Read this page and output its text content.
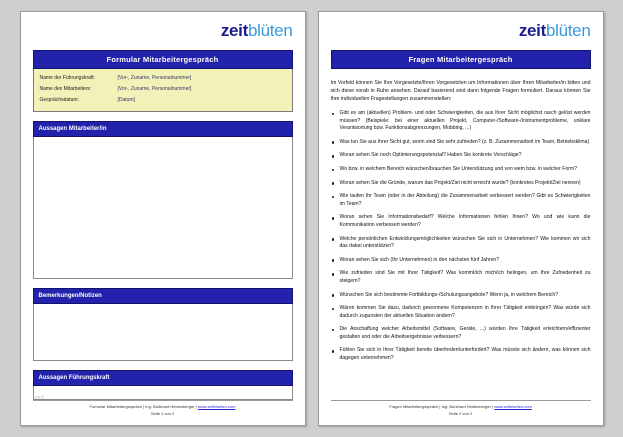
zeitblüten
Formular Mitarbeitergespräch
Name der Führungskraft:	[Vor-, Zuname, Personalnummer]
Name des Mitarbeiters:	[Vor-, Zuname, Personalnummer]
Gesprächsdatum:	[Datum]
Aussagen Mitarbeiter/in
Bemerkungen/Notizen
Aussagen Führungskraft
Formular Mitarbeitergespräch | Ing. Burkhard Heidenberger | www.zeitblueten.com
Seite 1 von 2
zeit
zeitblüten
Fragen Mitarbeitergespräch
Im Vorfeld können Sie Ihre Vorgesetzte/Ihren Vorgesetzten um Informationen über Ihren Mitarbeiter/in bitten und sich diese vorab in Ruhe ansehen. Darauf basierend sind dann folgende Fragen formuliert. Daraus können Sie Ihre individuellen Fragestellungen zusammenstellen:
Gibt es am (aktuellen) Problem- und oder Schwierigkeiten, die aus Ihrer Sicht möglichst rasch gelöst werden müssen? (Beispiele: bei einer aktuellen Projekt, Computer-/Software-/Instrumentprobleme, unklare Verantwortung bzw. Funktionsabgrenzungen, Mobbing, ...)
Was tun Sie aus Ihrer Sicht gut, worin sind Sie sehr zufrieden? (z. B. Zusammenarbeit im Team, Betriebsklima)
Woran sehen Sie noch Optimierungspotenzial? Haben Sie konkrete Vorschläge?
Wo bzw. in welchem Bereich wünschen/brauchen Sie Unterstützung und von wem bzw. in welcher Form?
Woran sehen Sie die Gründe, warum das Projekt/Ziel nicht erreicht wurde? (konkretes Projekt/Ziel nennen)
Wie laufen Ihr Team (oder in der Abteilung) die Zusammenarbeit verbessert werden? Gibt es Schwierigkeiten im Team?
Woran sehen Sie Informationsbedarf? Welche Informationen fehlen Ihnen? Wo und wie kann die Kommunikation verbessert werden?
Welche persönlichen Entwicklungsmöglichkeiten wünschen Sie sich in Unternehmen? Wie kommen wir sich das dabei unterstützen?
Woran sehen Sie sich (Ihr Unternehmen) in den nächsten fünf Jahren?
Wie zufrieden sind Sie mit Ihrer Tätigkeit? Was kommt/ich mich/ich belingen, um Ihre Zufriedenheit zu steigern?
Wünschen Sie sich bestimmte Fortbildungs-/Schulungsangebote? Wenn ja, in welchem Bereich?
Wären kommen Sie dazu, dadurch gewonnene Kompetenzen in Ihrer Tätigkeit einbringen? Was würde sich dadurch zugunsten der aktuellen Situation ändern?
Die Anschaffung welcher Arbeitsmittel (Software, Geräte, ...) würden Ihre Tätigkeit erleichtern/effizienter gestalten und oder die Arbeitsergebnisse verbessern?
Fühlen Sie sich in Ihrer Tätigkeit bereits überfordert/unterfordert? Was müsste sich ändern, was können sich dagegen unternehmen?
Fragen Mitarbeitergespräch | Ing. Burkhard Heidenberger | www.zeitblueten.com
Seite 2 von 2
